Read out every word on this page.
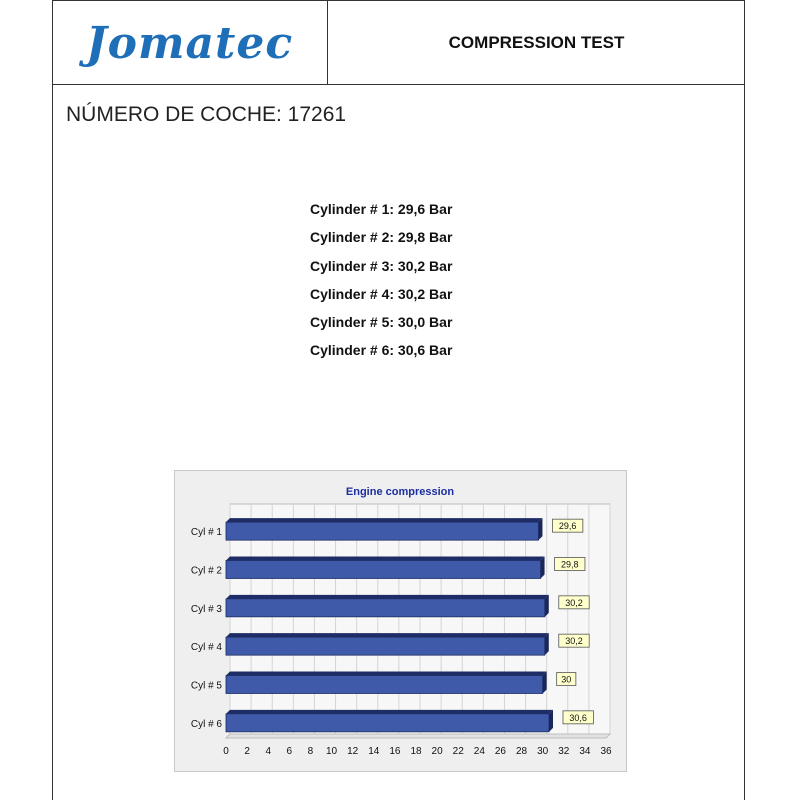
Jomatec	COMPRESSION TEST
NÚMERO DE COCHE: 17261
Cylinder # 1: 29,6 Bar
Cylinder # 2: 29,8 Bar
Cylinder # 3: 30,2 Bar
Cylinder # 4: 30,2 Bar
Cylinder # 5: 30,0 Bar
Cylinder # 6: 30,6 Bar
Cyl # 1
29,6
Cyl # 2
29,8
Cyl # 3
30,2
Cyl # 4
30,2
Cyl # 5
30
Cyl # 6
30,6
0 2 4 6 8 10 12 14 16 18 20 22 24 26 28 30 32 34 36
Engine compression
